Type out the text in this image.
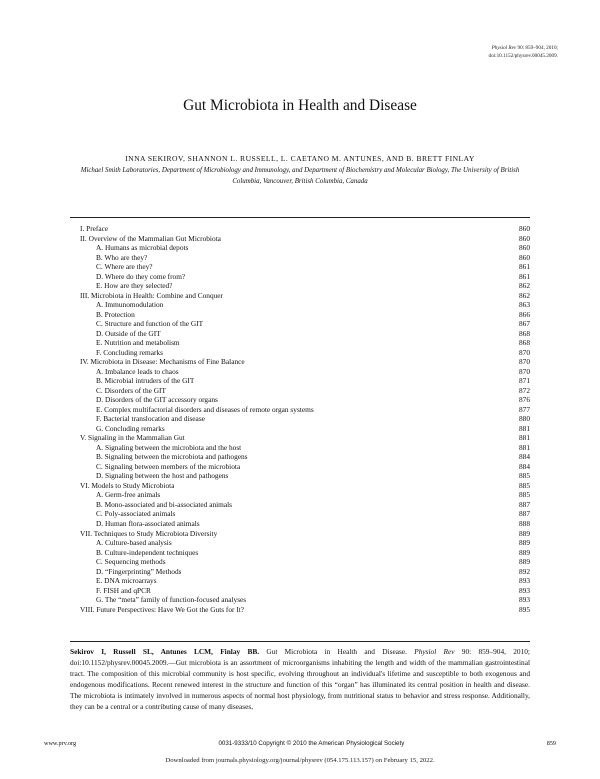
Physiol Rev 90: 859–904, 2010;
doi:10.1152/physrev.00045.2009.
Gut Microbiota in Health and Disease
INNA SEKIROV, SHANNON L. RUSSELL, L. CAETANO M. ANTUNES, AND B. BRETT FINLAY
Michael Smith Laboratories, Department of Microbiology and Immunology, and Department of Biochemistry and Molecular Biology, The University of British Columbia, Vancouver, British Columbia, Canada
I. Preface	860
II. Overview of the Mammalian Gut Microbiota	860
A. Humans as microbial depots	860
B. Who are they?	860
C. Where are they?	861
D. Where do they come from?	861
E. How are they selected?	862
III. Microbiota in Health: Combine and Conquer	862
A. Immunomodulation	863
B. Protection	866
C. Structure and function of the GIT	867
D. Outside of the GIT	868
E. Nutrition and metabolism	868
F. Concluding remarks	870
IV. Microbiota in Disease: Mechanisms of Fine Balance	870
A. Imbalance leads to chaos	870
B. Microbial intruders of the GIT	871
C. Disorders of the GIT	872
D. Disorders of the GIT accessory organs	876
E. Complex multifactorial disorders and diseases of remote organ systems	877
F. Bacterial translocation and disease	880
G. Concluding remarks	881
V. Signaling in the Mammalian Gut	881
A. Signaling between the microbiota and the host	881
B. Signaling between the microbiota and pathogens	884
C. Signaling between members of the microbiota	884
D. Signaling between the host and pathogens	885
VI. Models to Study Microbiota	885
A. Germ-free animals	885
B. Mono-associated and bi-associated animals	887
C. Poly-associated animals	887
D. Human flora-associated animals	888
VII. Techniques to Study Microbiota Diversity	889
A. Culture-based analysis	889
B. Culture-independent techniques	889
C. Sequencing methods	889
D. “Fingerprinting” Methods	892
E. DNA microarrays	893
F. FISH and qPCR	893
G. The “meta” family of function-focused analyses	893
VIII. Future Perspectives: Have We Got the Guts for It?	895

Sekirov I, Russell SL, Antunes LCM, Finlay BB. Gut Microbiota in Health and Disease. Physiol Rev 90: 859–904, 2010; doi:10.1152/physrev.00045.2009.—Gut microbiota is an assortment of microorganisms inhabiting the length and width of the mammalian gastrointestinal tract. The composition of this microbial community is host specific, evolving throughout an individual's lifetime and susceptible to both exogenous and endogenous modifications. Recent renewed interest in the structure and function of this “organ” has illuminated its central position in health and disease. The microbiota is intimately involved in numerous aspects of normal host physiology, from nutritional status to behavior and stress response. Additionally, they can be a central or a contributing cause of many diseases,

www.prv.org	0031-9333/10 Copyright © 2010 the American Physiological Society	859
Downloaded from journals.physiology.org/journal/physrev (054.175.113.157) on February 15, 2022.
